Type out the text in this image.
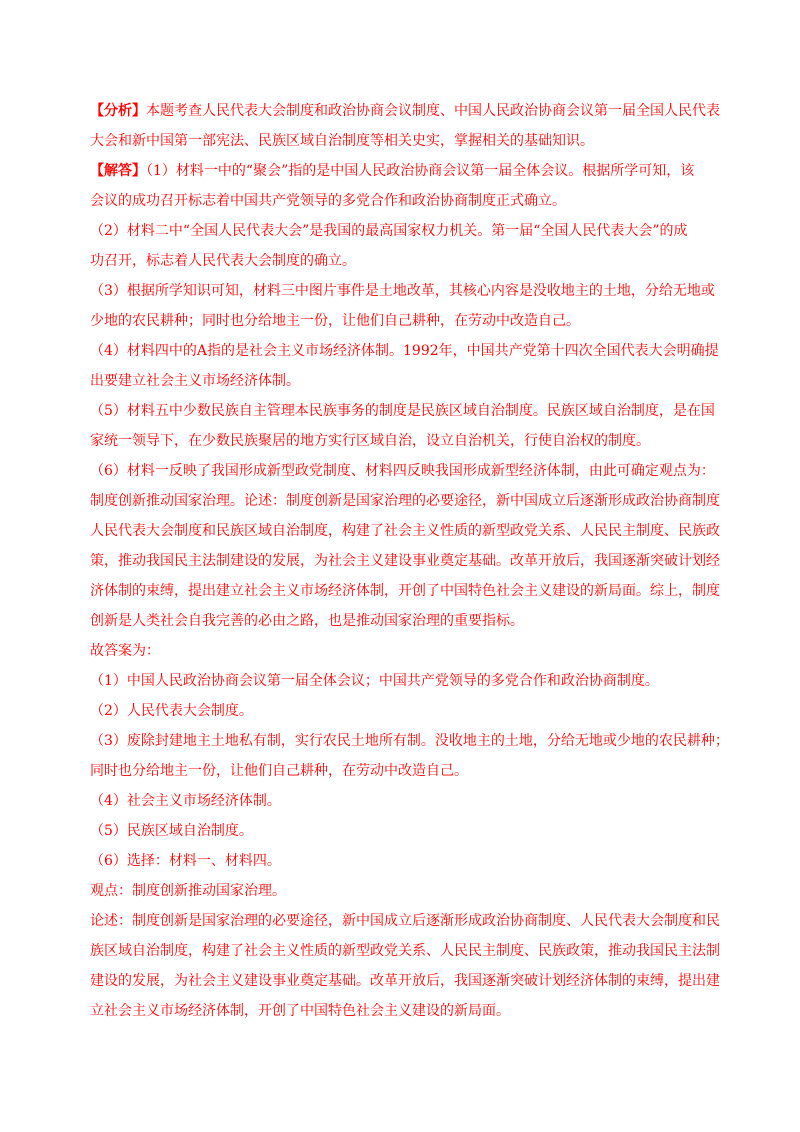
【分析】本题考查人民代表大会制度和政治协商会议制度、中国人民政治协商会议第一届全国人民代表
大会和新中国第一部宪法、民族区域自治制度等相关史实，掌握相关的基础知识。
【解答】（1）材料一中的“聚会”指的是中国人民政治协商会议第一届全体会议。根据所学可知，该
会议的成功召开标志着中国共产党领导的多党合作和政治协商制度正式确立。
（2）材料二中“全国人民代表大会”是我国的最高国家权力机关。第一届“全国人民代表大会”的成
功召开，标志着人民代表大会制度的确立。
（3）根据所学知识可知，材料三中图片事件是土地改革，其核心内容是没收地主的土地，分给无地或
少地的农民耕种；同时也分给地主一份，让他们自己耕种，在劳动中改造自己。
（4）材料四中的A指的是社会主义市场经济体制。1992年，中国共产党第十四次全国代表大会明确提
出要建立社会主义市场经济体制。
（5）材料五中少数民族自主管理本民族事务的制度是民族区域自治制度。民族区域自治制度，是在国
家统一领导下，在少数民族聚居的地方实行区域自治，设立自治机关，行使自治权的制度。
（6）材料一反映了我国形成新型政党制度、材料四反映我国形成新型经济体制，由此可确定观点为：
制度创新推动国家治理。论述：制度创新是国家治理的必要途径，新中国成立后逐渐形成政治协商制度
人民代表大会制度和民族区域自治制度，构建了社会主义性质的新型政党关系、人民民主制度、民族政
策，推动我国民主法制建设的发展，为社会主义建设事业奠定基础。改革开放后，我国逐渐突破计划经
济体制的束缚，提出建立社会主义市场经济体制，开创了中国特色社会主义建设的新局面。综上，制度
创新是人类社会自我完善的必由之路，也是推动国家治理的重要指标。
故答案为：
（1）中国人民政治协商会议第一届全体会议；中国共产党领导的多党合作和政治协商制度。
（2）人民代表大会制度。
（3）废除封建地主土地私有制，实行农民土地所有制。没收地主的土地，分给无地或少地的农民耕种；
同时也分给地主一份，让他们自己耕种，在劳动中改造自己。
（4）社会主义市场经济体制。
（5）民族区域自治制度。
（6）选择：材料一、材料四。
观点：制度创新推动国家治理。
论述：制度创新是国家治理的必要途径，新中国成立后逐渐形成政治协商制度、人民代表大会制度和民
族区域自治制度，构建了社会主义性质的新型政党关系、人民民主制度、民族政策，推动我国民主法制
建设的发展，为社会主义建设事业奠定基础。改革开放后，我国逐渐突破计划经济体制的束缚，提出建
立社会主义市场经济体制，开创了中国特色社会主义建设的新局面。
